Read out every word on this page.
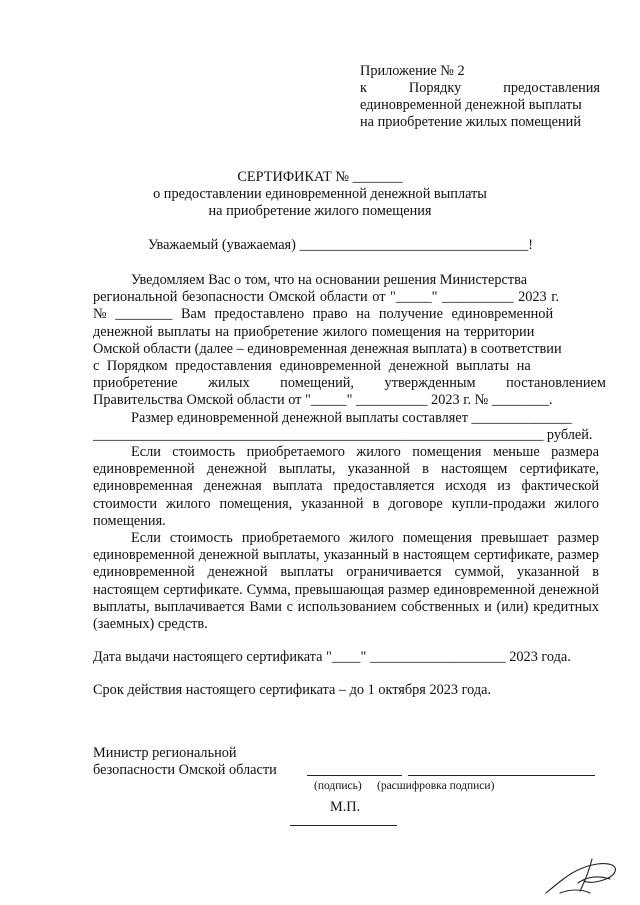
Приложение № 2
к	Порядку	предоставления
единовременной денежной выплаты
на приобретение жилых помещений
СЕРТИФИКАТ № _______
о предоставлении единовременной денежной выплаты
на приобретение жилого помещения
Уважаемый (уважаемая) ________________________________!
Уведомляем Вас о том, что на основании решения Министерства
региональной безопасности Омской области от "_____" __________ 2023 г.
№ ________ Вам предоставлено право на получение единовременной
денежной выплаты на приобретение жилого помещения на территории
Омской области (далее – единовременная денежная выплата) в соответствии
с Порядком предоставления единовременной денежной выплаты на
приобретение жилых помещений, утвержденным постановлением
Правительства Омской области от "_____" __________ 2023 г. № ________.
Размер единовременной денежной выплаты составляет ______________
_______________________________________________________________ рублей.

Если стоимость приобретаемого жилого помещения меньше размера единовременной денежной выплаты, указанной в настоящем сертификате, единовременная денежная выплата предоставляется исходя из фактической стоимости жилого помещения, указанной в договоре купли-продажи жилого помещения.

Если стоимость приобретаемого жилого помещения превышает размер единовременной денежной выплаты, указанный в настоящем сертификате, размер единовременной денежной выплаты ограничивается суммой, указанной в настоящем сертификате. Сумма, превышающая размер единовременной денежной выплаты, выплачивается Вами с использованием собственных и (или) кредитных (заемных) средств.

Дата выдачи настоящего сертификата "____" ___________________ 2023 года.
Срок действия настоящего сертификата – до 1 октября 2023 года.
Министр региональной
безопасности Омской области
(подпись) (расшифровка подписи)
М.П.
